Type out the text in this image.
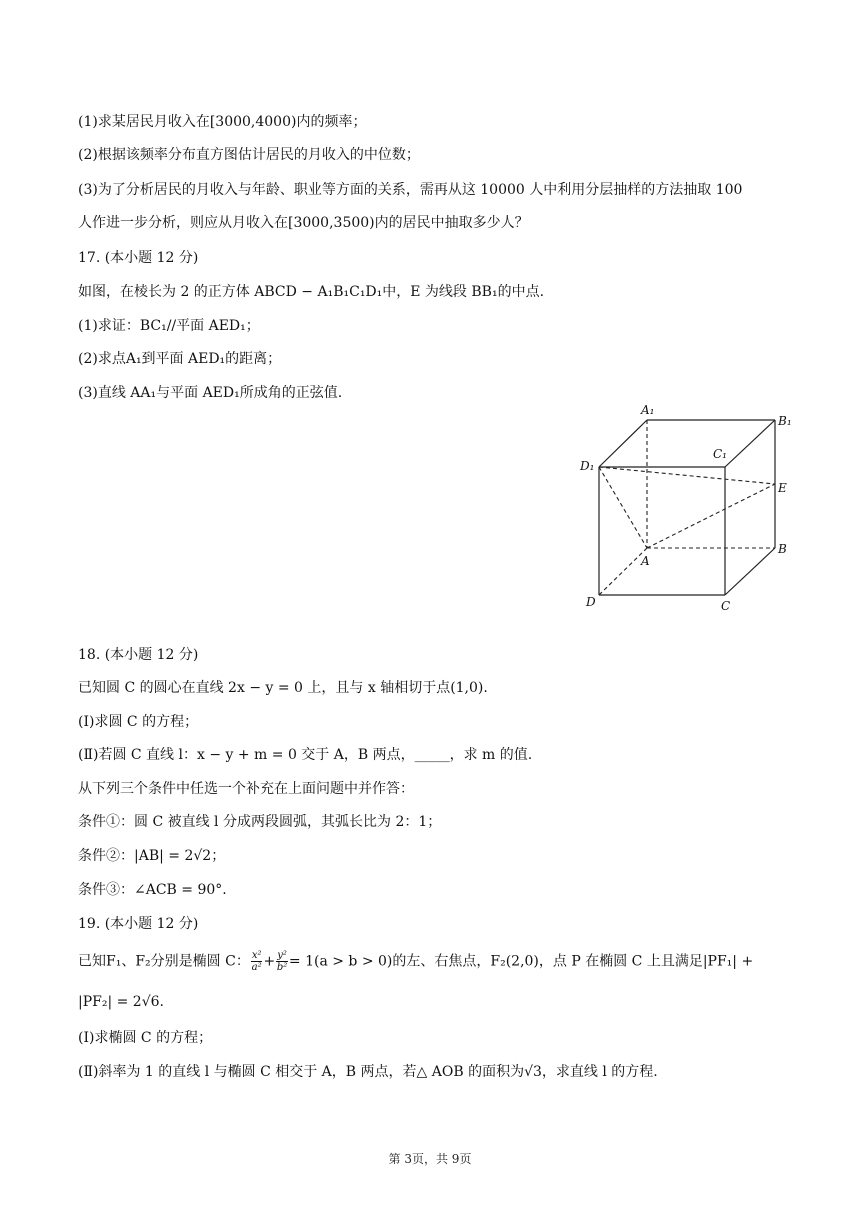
(1)求某居民月收入在[3000,4000)内的频率；
(2)根据该频率分布直方图估计居民的月收入的中位数；
(3)为了分析居民的月收入与年龄、职业等方面的关系，需再从这 10000 人中利用分层抽样的方法抽取 100
人作进一步分析，则应从月收入在[3000,3500)内的居民中抽取多少人？
17. (本小题 12 分)
如图，在棱长为 2 的正方体 ABCD − A₁B₁C₁D₁中，E 为线段 BB₁的中点.
(1)求证：BC₁//平面 AED₁；
(2)求点A₁到平面 AED₁的距离；
(3)直线 AA₁与平面 AED₁所成角的正弦值.
A₁
B₁
C₁
D₁
E
A
B
C
D
18. (本小题 12 分)
已知圆 C 的圆心在直线 2x − y = 0 上，且与 x 轴相切于点(1,0).
(Ⅰ)求圆 C 的方程；
(Ⅱ)若圆 C 直线 l：x − y + m = 0 交于 A，B 两点，_____，求 m 的值.
从下列三个条件中任选一个补充在上面问题中并作答：
条件①：圆 C 被直线 l 分成两段圆弧，其弧长比为 2：1；
条件②：|AB| = 2√2；
条件③：∠ACB = 90°.
19. (本小题 12 分)
已知F₁、F₂分别是椭圆 C： $\frac{\text{x²}}{\text{a²}} + \frac{\text{y²}}{\text{b²}} = 1(a > b > 0)$的左、右焦点，F₂(2,0)，点 P 在椭圆 C 上且满足|PF₁| +
|PF₂| = 2√6.
(Ⅰ)求椭圆 C 的方程；
(Ⅱ)斜率为 1 的直线 l 与椭圆 C 相交于 A，B 两点，若△ AOB 的面积为√3，求直线 l 的方程.
第 3页，共 9页
